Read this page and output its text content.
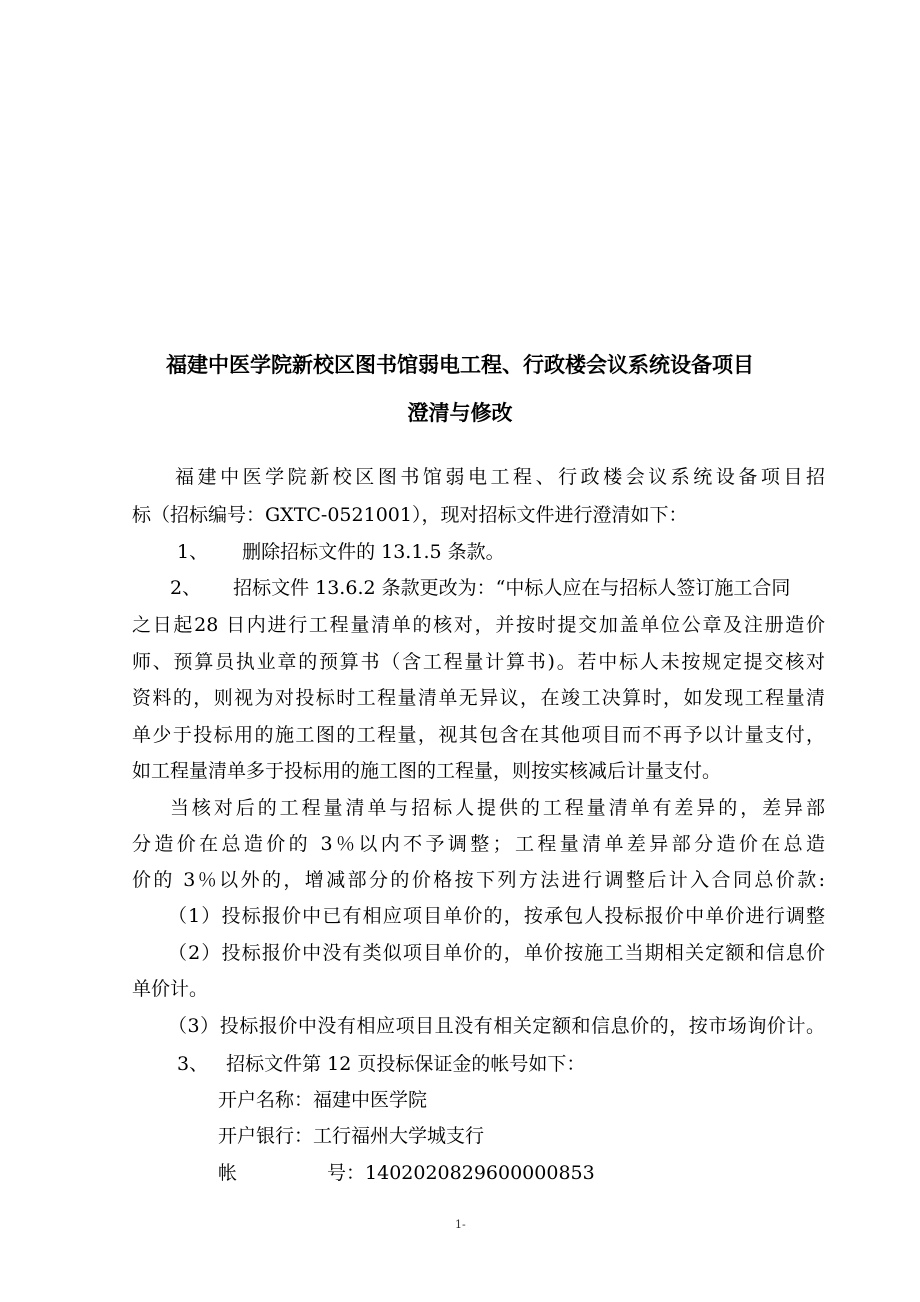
福建中医学院新校区图书馆弱电工程、行政楼会议系统设备项目
澄清与修改
福建中医学院新校区图书馆弱电工程、行政楼会议系统设备项目招
标（招标编号：GXTC-0521001），现对招标文件进行澄清如下：
1、 删除招标文件的 13.1.5 条款。
2、 招标文件 13.6.2 条款更改为：“中标人应在与招标人签订施工合同
之日起28 日内进行工程量清单的核对，并按时提交加盖单位公章及注册造价
师、预算员执业章的预算书（含工程量计算书)。若中标人未按规定提交核对
资料的，则视为对投标时工程量清单无异议，在竣工决算时，如发现工程量清
单少于投标用的施工图的工程量，视其包含在其他项目而不再予以计量支付，
如工程量清单多于投标用的施工图的工程量，则按实核减后计量支付。
当核对后的工程量清单与招标人提供的工程量清单有差异的，差异部
分造价在总造价的 3％以内不予调整；工程量清单差异部分造价在总造
价的 3％以外的，增减部分的价格按下列方法进行调整后计入合同总价款:
（1）投标报价中已有相应项目单价的，按承包人投标报价中单价进行调整
（2）投标报价中没有类似项目单价的，单价按施工当期相关定额和信息价
单价计。
（3）投标报价中没有相应项目且没有相关定额和信息价的，按市场询价计。
3、 招标文件第 12 页投标保证金的帐号如下：
开户名称：福建中医学院
开户银行：工行福州大学城支行
帐	号：1402020829600000853
1-
